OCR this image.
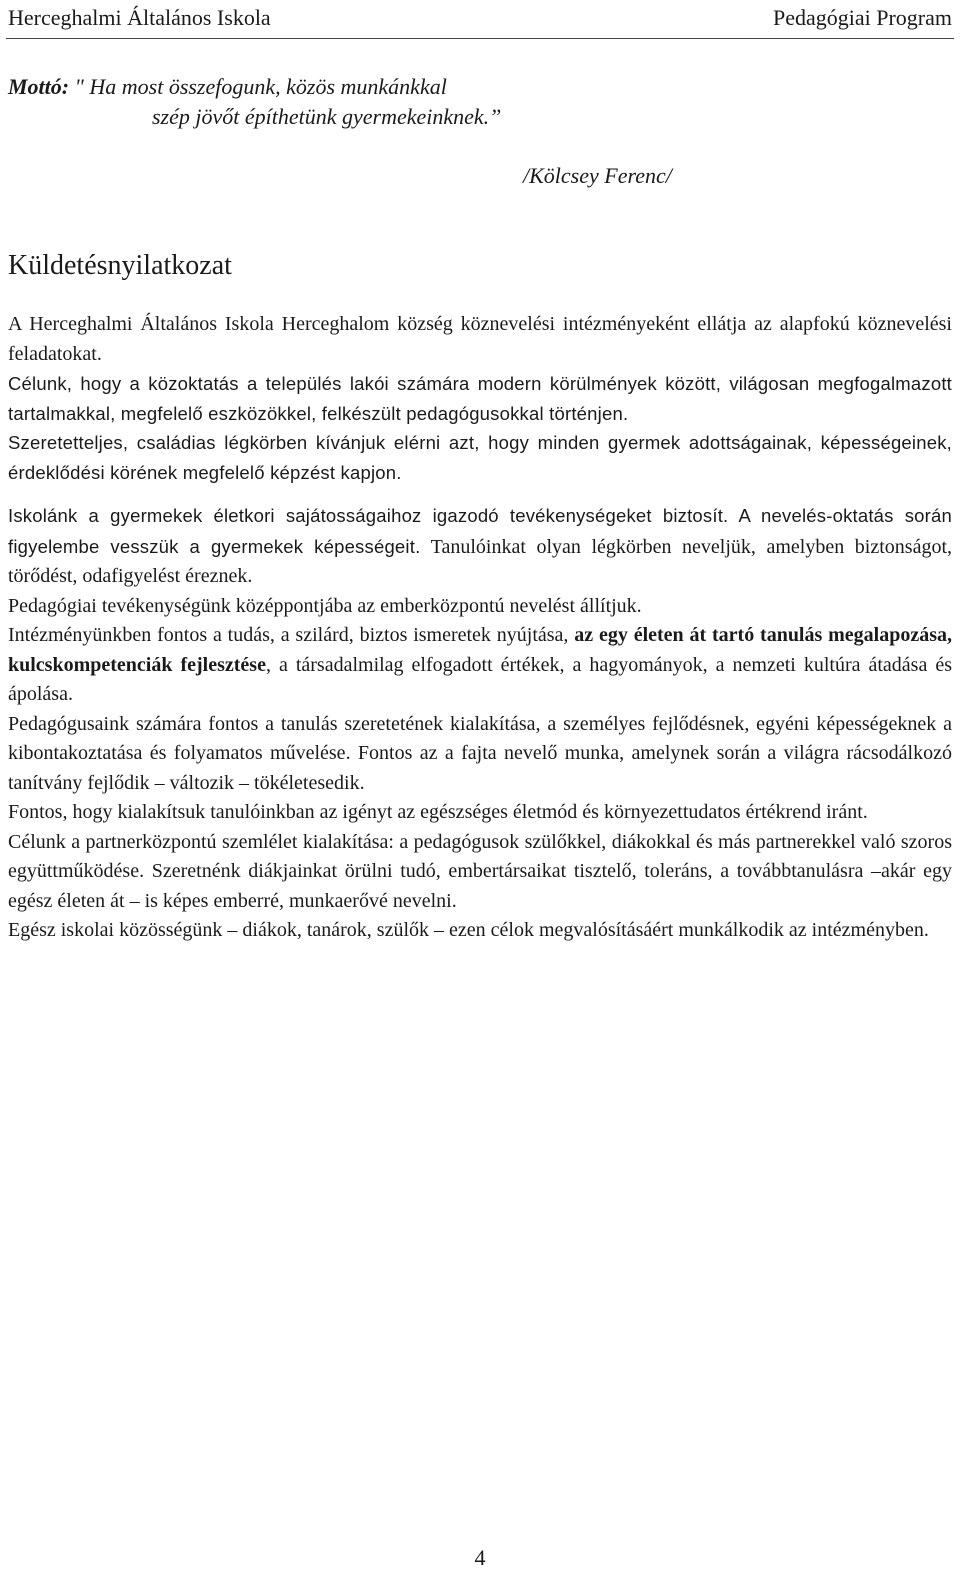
Herceghalmi Általános Iskola	Pedagógiai Program
Mottó: " Ha most összefogunk, közös munkánkkal
szép jövőt építhetünk gyermekeinknek.”
/Kölcsey Ferenc/
Küldetésnyilatkozat

A Herceghalmi Általános Iskola Herceghalom község köznevelési intézményeként ellátja az alapfokú köznevelési feladatokat.

Célunk, hogy a közoktatás a település lakói számára modern körülmények között, világosan megfogalmazott tartalmakkal, megfelelő eszközökkel, felkészült pedagógusokkal történjen.

Szeretetteljes, családias légkörben kívánjuk elérni azt, hogy minden gyermek adottságainak, képességeinek, érdeklődési körének megfelelő képzést kapjon.

Iskolánk a gyermekek életkori sajátosságaihoz igazodó tevékenységeket biztosít. A nevelés-oktatás során figyelembe vesszük a gyermekek képességeit. Tanulóinkat olyan légkörben neveljük, amelyben biztonságot, törődést, odafigyelést éreznek.

Pedagógiai tevékenységünk középpontjába az emberközpontú nevelést állítjuk.

Intézményünkben fontos a tudás, a szilárd, biztos ismeretek nyújtása, az egy életen át tartó tanulás megalapozása, kulcskompetenciák fejlesztése, a társadalmilag elfogadott értékek, a hagyományok, a nemzeti kultúra átadása és ápolása.

Pedagógusaink számára fontos a tanulás szeretetének kialakítása, a személyes fejlődésnek, egyéni képességeknek a kibontakoztatása és folyamatos művelése. Fontos az a fajta nevelő munka, amelynek során a világra rácsodálkozó tanítvány fejlődik – változik – tökéletesedik.

Fontos, hogy kialakítsuk tanulóinkban az igényt az egészséges életmód és környezettudatos értékrend iránt.

Célunk a partnerközpontú szemlélet kialakítása: a pedagógusok szülőkkel, diákokkal és más partnerekkel való szoros együttműködése. Szeretnénk diákjainkat örülni tudó, embertársaikat tisztelő, toleráns, a továbbtanulásra –akár egy egész életen át – is képes emberré, munkaerővé nevelni.

Egész iskolai közösségünk – diákok, tanárok, szülők – ezen célok megvalósításáért munkálkodik az intézményben.

4
